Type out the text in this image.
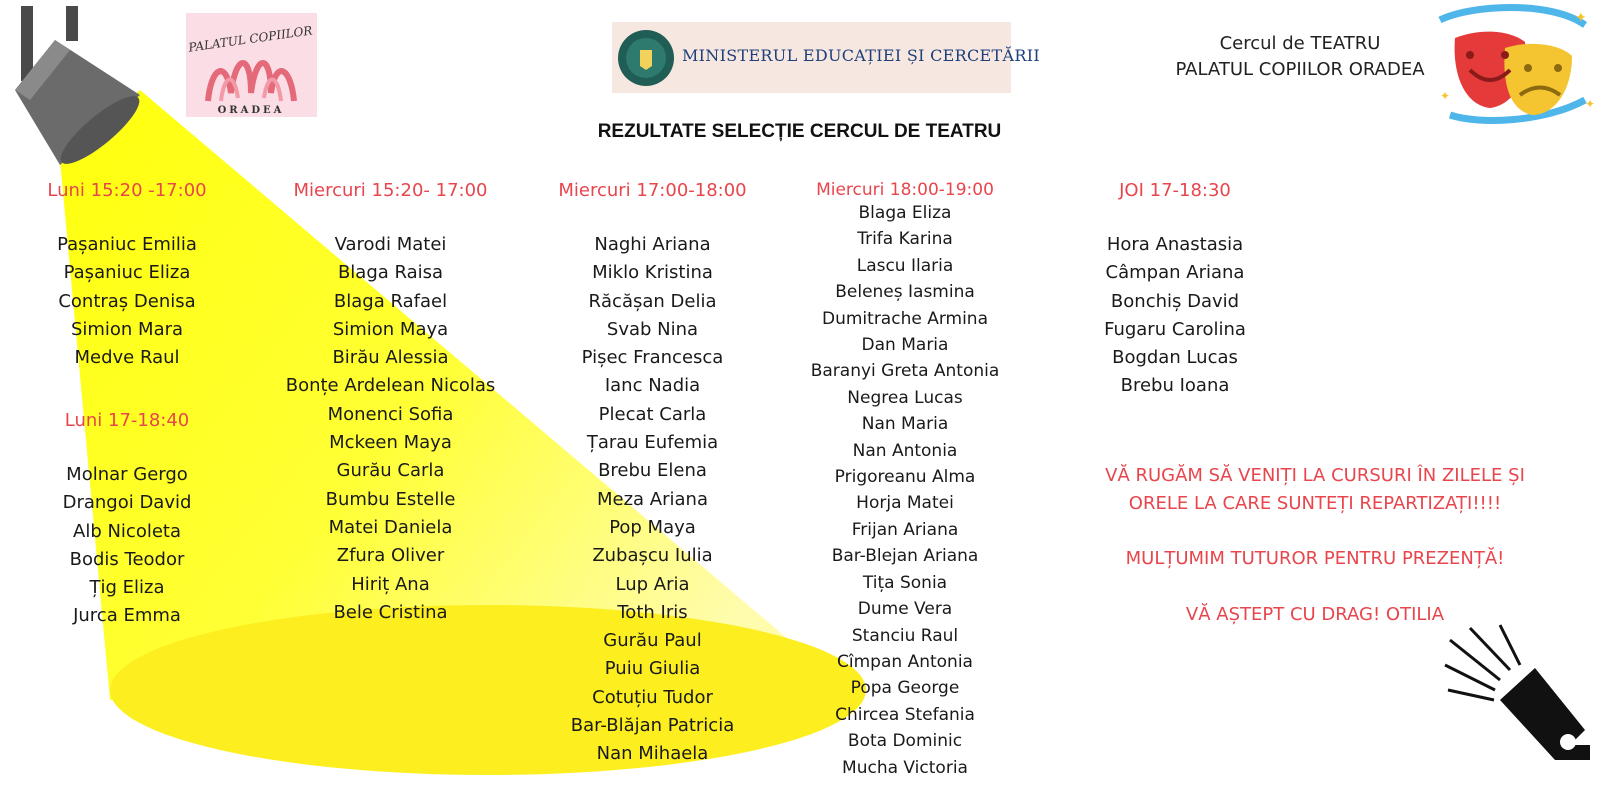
✦
✦
✦
PALATUL COPIILOR
ORADEA
MINISTERUL EDUCAȚIEI ȘI CERCETĂRII
Cercul de TEATRU
PALATUL COPIILOR ORADEA
REZULTATE SELECȚIE CERCUL DE TEATRU
Luni 15:20 -17:00
Pașaniuc Emilia
Pașaniuc Eliza
Contraș Denisa
Simion Mara
Medve Raul
Luni 17-18:40
Molnar Gergo
Drangoi David
Alb Nicoleta
Bodis Teodor
Țig Eliza
Jurca Emma
Miercuri 15:20- 17:00
Varodi Matei
Blaga Raisa
Blaga Rafael
Simion Maya
Birău Alessia
Bonțe Ardelean Nicolas
Monenci Sofia
Mckeen Maya
Gurău Carla
Bumbu Estelle
Matei Daniela
Zfura Oliver
Hiriț Ana
Bele Cristina
Miercuri 17:00-18:00
Naghi Ariana
Miklo Kristina
Răcășan Delia
Svab Nina
Pișec Francesca
Ianc Nadia
Plecat Carla
Țarau Eufemia
Brebu Elena
Meza Ariana
Pop Maya
Zubașcu Iulia
Lup Aria
Toth Iris
Gurău Paul
Puiu Giulia
Cotuțiu Tudor
Bar-Blăjan Patricia
Nan Mihaela
Miercuri 18:00-19:00
Blaga Eliza
Trifa Karina
Lascu Ilaria
Beleneș Iasmina
Dumitrache Armina
Dan Maria
Baranyi Greta Antonia
Negrea Lucas
Nan Maria
Nan Antonia
Prigoreanu Alma
Horja Matei
Frijan Ariana
Bar-Blejan Ariana
Tița Sonia
Dume Vera
Stanciu Raul
Cîmpan Antonia
Popa George
Chircea Stefania
Bota Dominic
Mucha Victoria
JOI 17-18:30
Hora Anastasia
Câmpan Ariana
Bonchiș David
Fugaru Carolina
Bogdan Lucas
Brebu Ioana
VĂ RUGĂM SĂ VENIȚI LA CURSURI ÎN ZILELE ȘI
ORELE LA CARE SUNTEȚI REPARTIZAȚI!!!!
MULȚUMIM TUTUROR PENTRU PREZENȚĂ!
VĂ AȘTEPT CU DRAG! OTILIA
